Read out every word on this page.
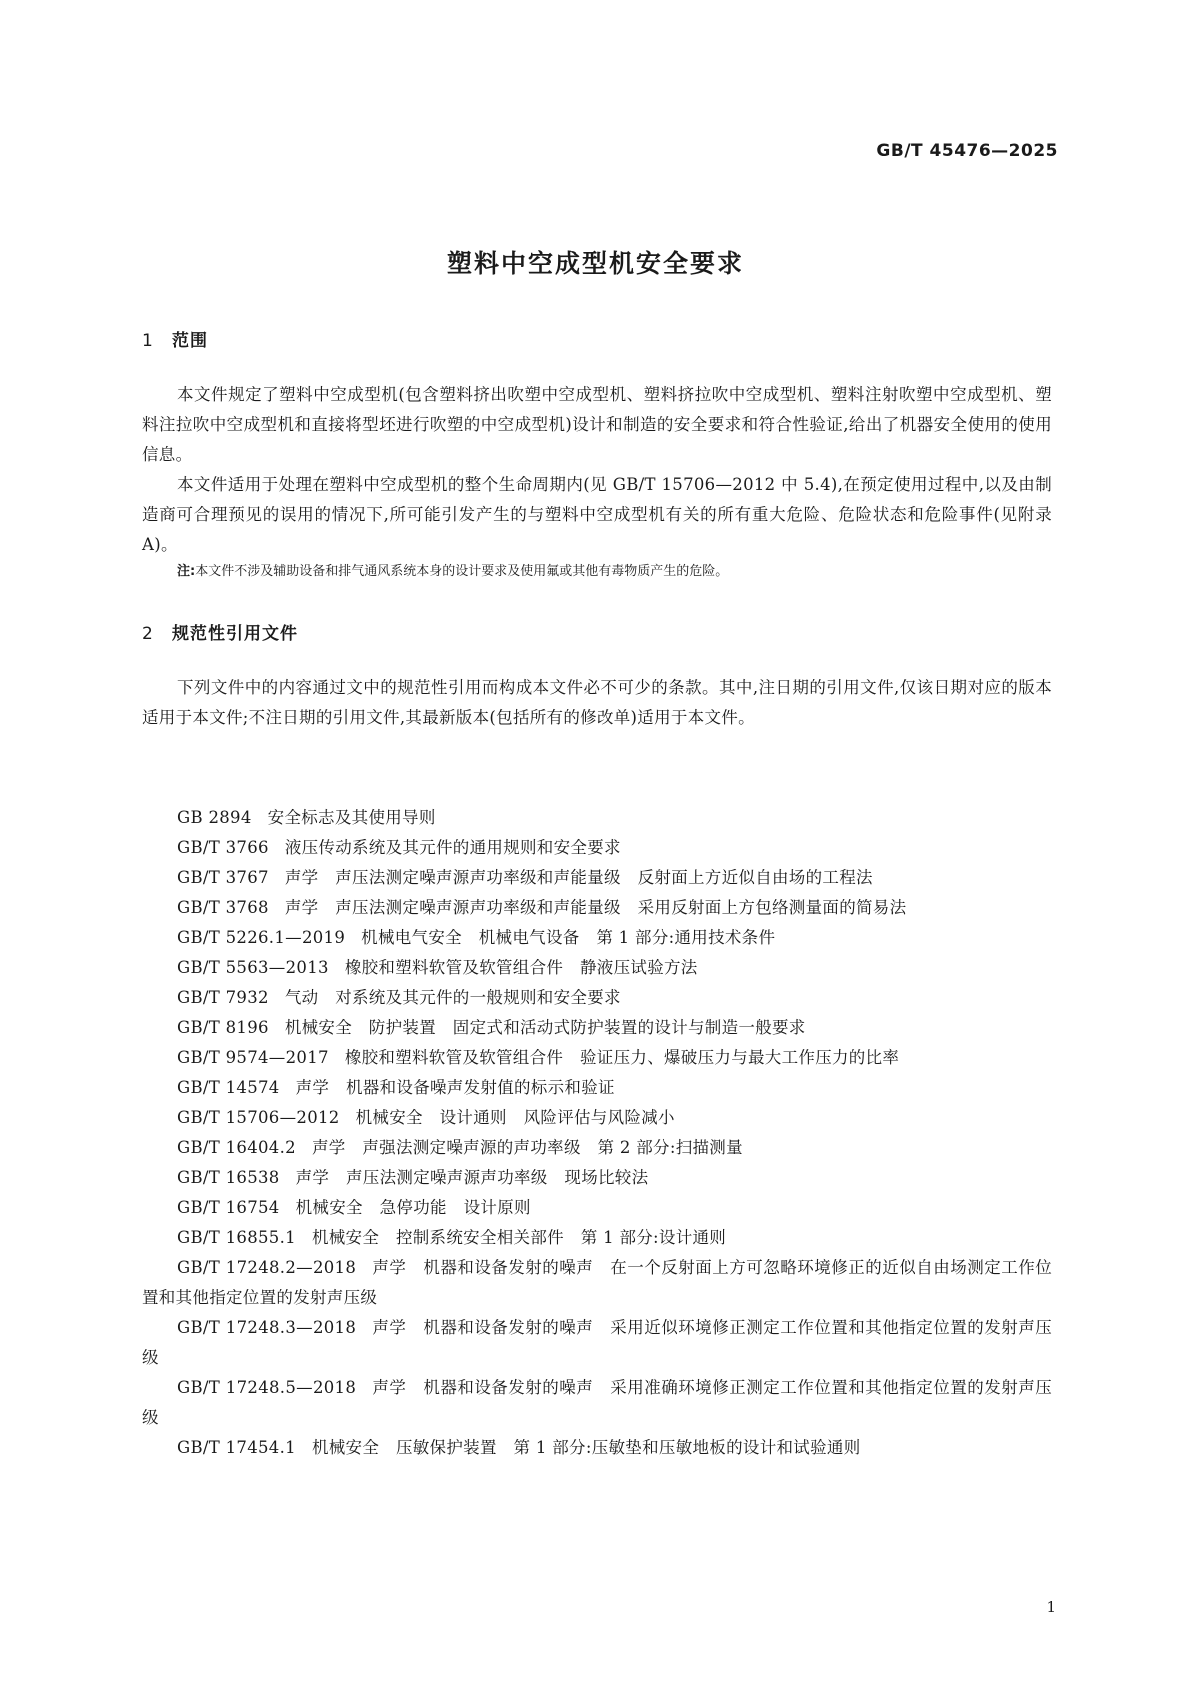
GB/T 45476—2025
塑料中空成型机安全要求
1 范围
本文件规定了塑料中空成型机(包含塑料挤出吹塑中空成型机、塑料挤拉吹中空成型机、塑料注射吹塑中空成型机、塑料注拉吹中空成型机和直接将型坯进行吹塑的中空成型机)设计和制造的安全要求和符合性验证,给出了机器安全使用的使用信息。
本文件适用于处理在塑料中空成型机的整个生命周期内(见 GB/T 15706—2012 中 5.4),在预定使用过程中,以及由制造商可合理预见的误用的情况下,所可能引发产生的与塑料中空成型机有关的所有重大危险、危险状态和危险事件(见附录 A)。
注:本文件不涉及辅助设备和排气通风系统本身的设计要求及使用氟或其他有毒物质产生的危险。
2 规范性引用文件
下列文件中的内容通过文中的规范性引用而构成本文件必不可少的条款。其中,注日期的引用文件,仅该日期对应的版本适用于本文件;不注日期的引用文件,其最新版本(包括所有的修改单)适用于本文件。
GB 2894 安全标志及其使用导则
GB/T 3766 液压传动系统及其元件的通用规则和安全要求
GB/T 3767 声学　声压法测定噪声源声功率级和声能量级　反射面上方近似自由场的工程法
GB/T 3768 声学　声压法测定噪声源声功率级和声能量级　采用反射面上方包络测量面的简易法
GB/T 5226.1—2019 机械电气安全　机械电气设备　第 1 部分:通用技术条件
GB/T 5563—2013 橡胶和塑料软管及软管组合件　静液压试验方法
GB/T 7932 气动　对系统及其元件的一般规则和安全要求
GB/T 8196 机械安全　防护装置　固定式和活动式防护装置的设计与制造一般要求
GB/T 9574—2017 橡胶和塑料软管及软管组合件　验证压力、爆破压力与最大工作压力的比率
GB/T 14574 声学　机器和设备噪声发射值的标示和验证
GB/T 15706—2012 机械安全　设计通则　风险评估与风险减小
GB/T 16404.2 声学　声强法测定噪声源的声功率级　第 2 部分:扫描测量
GB/T 16538 声学　声压法测定噪声源声功率级　现场比较法
GB/T 16754 机械安全　急停功能　设计原则
GB/T 16855.1 机械安全　控制系统安全相关部件　第 1 部分:设计通则
GB/T 17248.2—2018 声学　机器和设备发射的噪声　在一个反射面上方可忽略环境修正的近似自由场测定工作位置和其他指定位置的发射声压级
GB/T 17248.3—2018 声学　机器和设备发射的噪声　采用近似环境修正测定工作位置和其他指定位置的发射声压级
GB/T 17248.5—2018 声学　机器和设备发射的噪声　采用准确环境修正测定工作位置和其他指定位置的发射声压级
GB/T 17454.1 机械安全　压敏保护装置　第 1 部分:压敏垫和压敏地板的设计和试验通则
1
